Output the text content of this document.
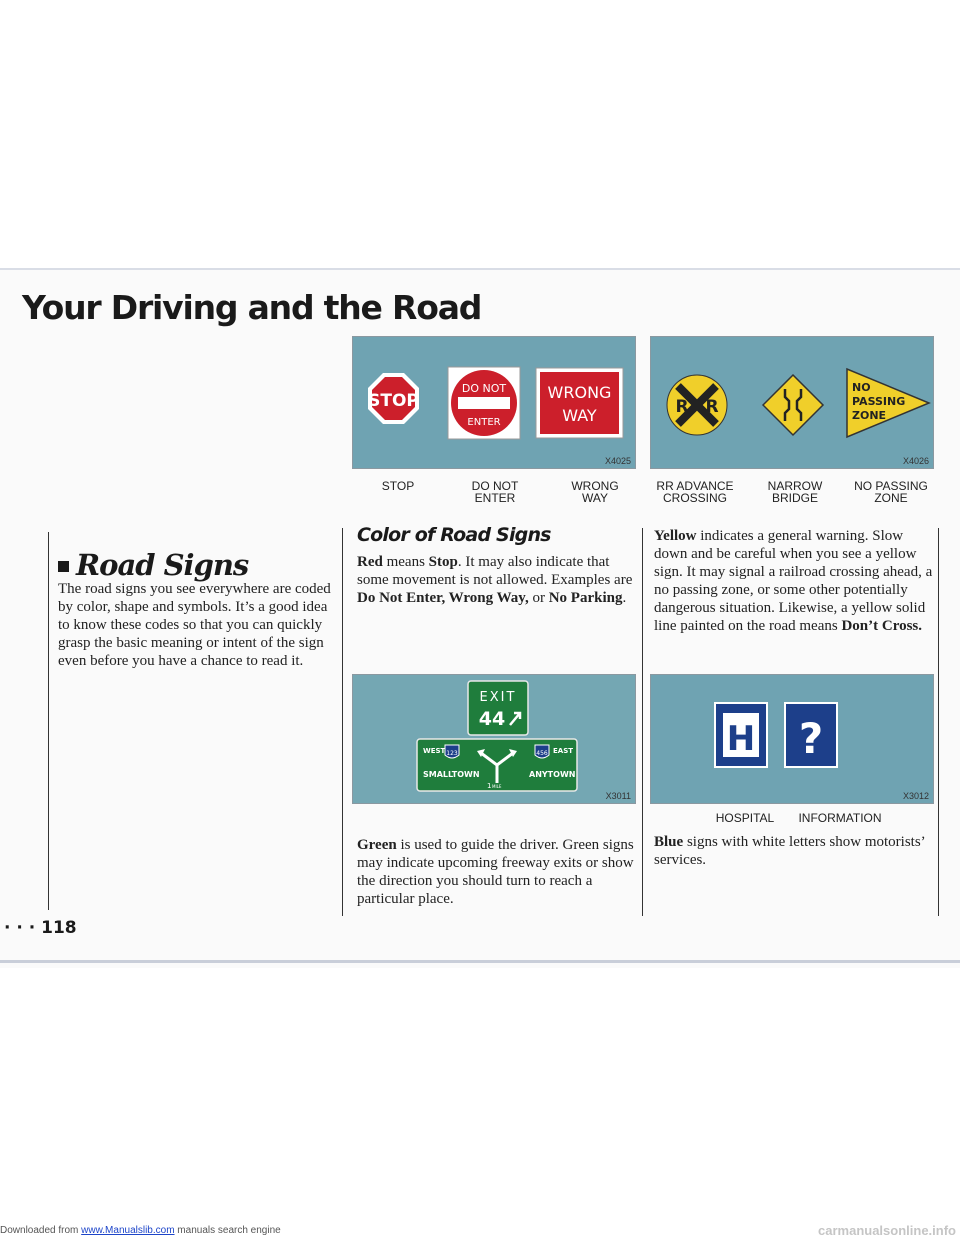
Your Driving and the Road
Road Signs

The road signs you see everywhere are coded by color, shape and symbols. It’s a good idea to know these codes so that you can quickly grasp the basic meaning or intent of the sign even before you have a chance to read it.

STOP
DO NOT
ENTER
WRONG
WAY
X4025
R R
NO
PASSING
ZONE
X4026
STOP	DO NOT
ENTER
WRONG
WAY
RR ADVANCE
CROSSING
NARROW
BRIDGE
NO PASSING
ZONE
Color of Road Signs

Red means Stop. It may also indicate that some movement is not allowed. Examples are Do Not Enter, Wrong Way, or No Parking.

EXIT
44
WEST 123	456 EAST
SMALLTOWN	ANYTOWN
1 MILE
X3011

Green is used to guide the driver. Green signs may indicate upcoming freeway exits or show the direction you should turn to reach a particular place.

Yellow indicates a general warning. Slow down and be careful when you see a yellow sign. It may signal a railroad crossing ahead, a no passing zone, or some other potentially dangerous situation. Likewise, a yellow solid line painted on the road means Don’t Cross.

H ?
X3012
HOSPITAL	INFORMATION

Blue signs with white letters show motorists’ services.

· · · 118
Downloaded from www.Manualslib.com manuals search engine	carmanualsonline.info
